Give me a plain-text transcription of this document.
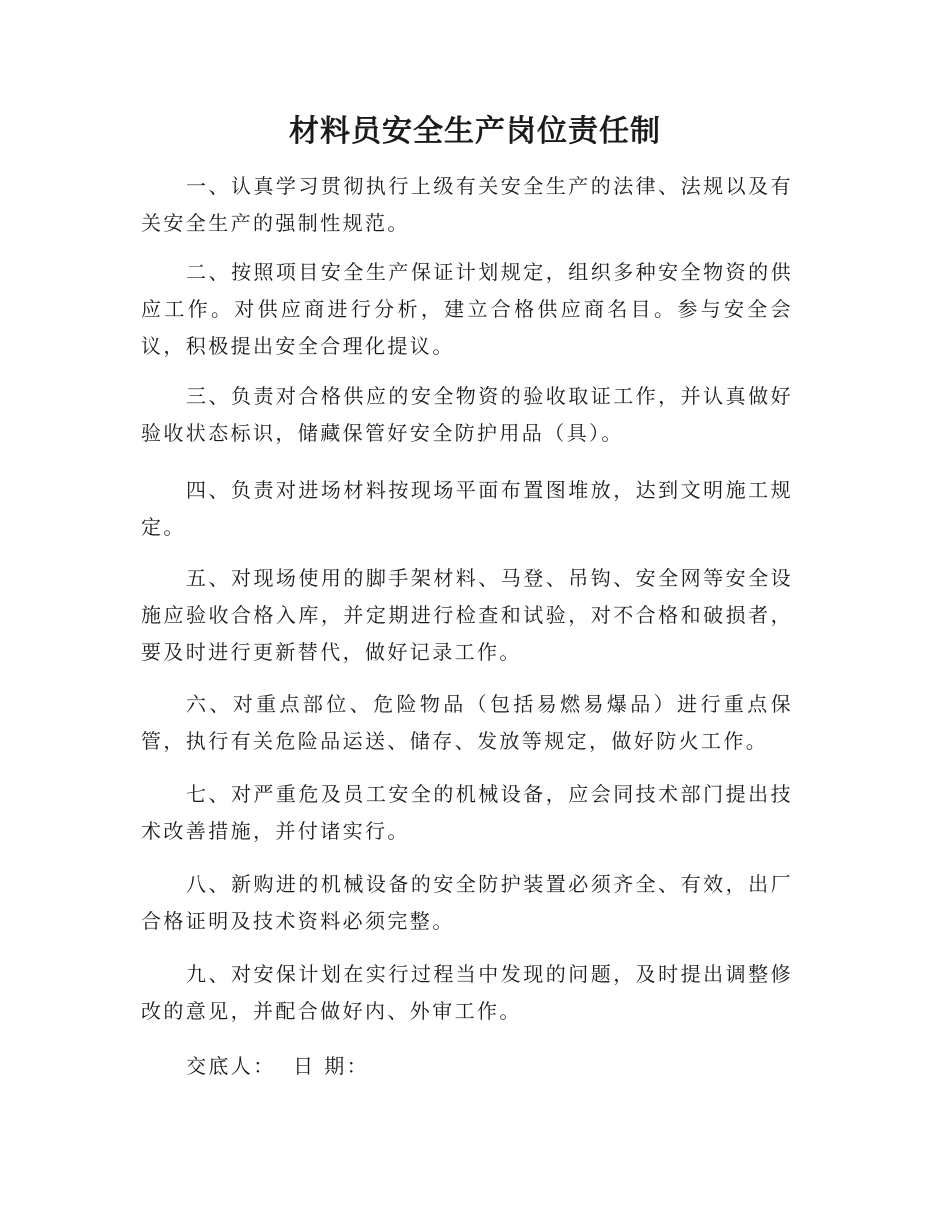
材料员安全生产岗位责任制

一、认真学习贯彻执行上级有关安全生产的法律、法规以及有关安全生产的强制性规范。

二、按照项目安全生产保证计划规定，组织多种安全物资的供应工作。对供应商进行分析，建立合格供应商名目。参与安全会议，积极提出安全合理化提议。

三、负责对合格供应的安全物资的验收取证工作，并认真做好验收状态标识，储藏保管好安全防护用品（具）。

四、负责对进场材料按现场平面布置图堆放，达到文明施工规定。

五、对现场使用的脚手架材料、马登、吊钩、安全网等安全设施应验收合格入库，并定期进行检查和试验，对不合格和破损者，要及时进行更新替代，做好记录工作。

六、对重点部位、危险物品（包括易燃易爆品）进行重点保管，执行有关危险品运送、储存、发放等规定，做好防火工作。

七、对严重危及员工安全的机械设备，应会同技术部门提出技术改善措施，并付诸实行。

八、新购进的机械设备的安全防护装置必须齐全、有效，出厂合格证明及技术资料必须完整。

九、对安保计划在实行过程当中发现的问题，及时提出调整修改的意见，并配合做好内、外审工作。

交底人：  日 期：
